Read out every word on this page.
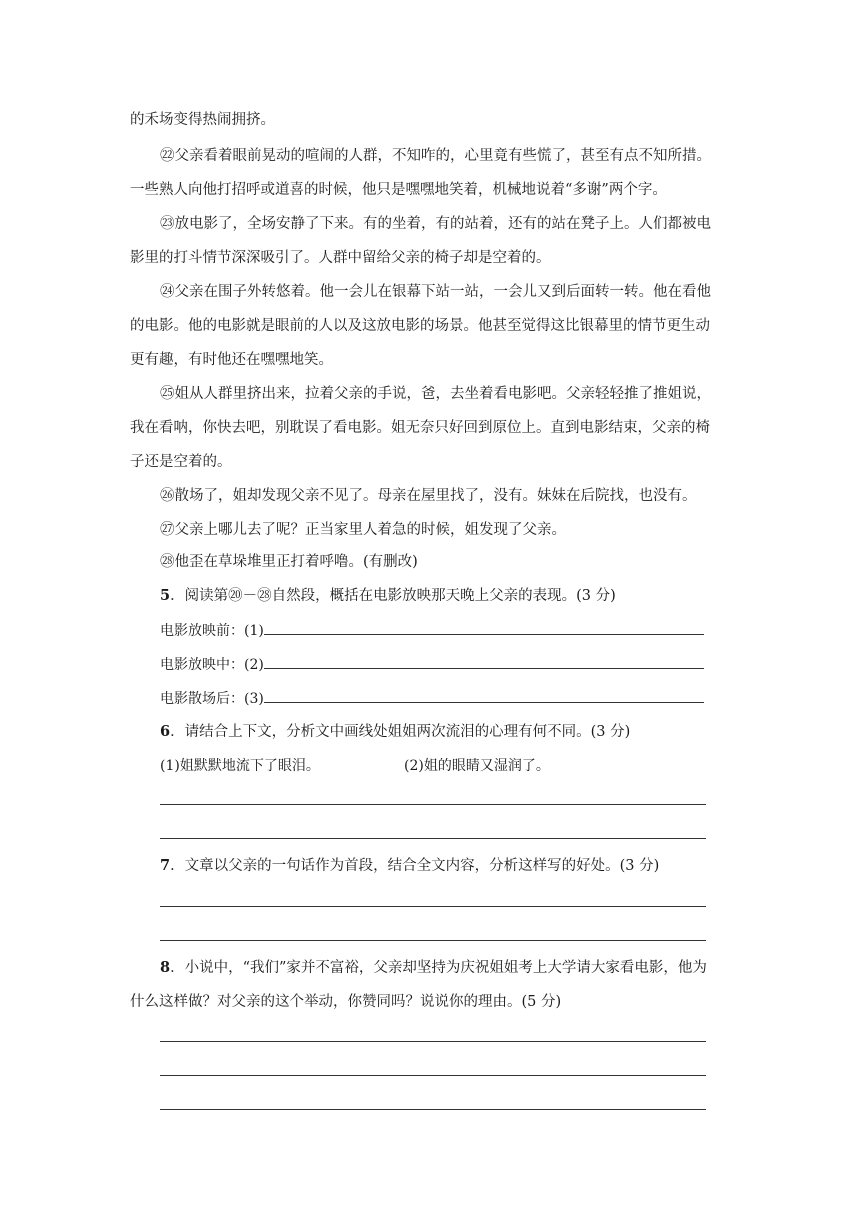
的禾场变得热闹拥挤。
㉒父亲看着眼前晃动的喧闹的人群，不知咋的，心里竟有些慌了，甚至有点不知所措。
一些熟人向他打招呼或道喜的时候，他只是嘿嘿地笑着，机械地说着“多谢”两个字。
㉓放电影了，全场安静了下来。有的坐着，有的站着，还有的站在凳子上。人们都被电
影里的打斗情节深深吸引了。人群中留给父亲的椅子却是空着的。
㉔父亲在围子外转悠着。他一会儿在银幕下站一站，一会儿又到后面转一转。他在看他
的电影。他的电影就是眼前的人以及这放电影的场景。他甚至觉得这比银幕里的情节更生动
更有趣，有时他还在嘿嘿地笑。
㉕姐从人群里挤出来，拉着父亲的手说，爸，去坐着看电影吧。父亲轻轻推了推姐说，
我在看呐，你快去吧，别耽误了看电影。姐无奈只好回到原位上。直到电影结束，父亲的椅
子还是空着的。
㉖散场了，姐却发现父亲不见了。母亲在屋里找了，没有。妹妹在后院找，也没有。
㉗父亲上哪儿去了呢？正当家里人着急的时候，姐发现了父亲。
㉘他歪在草垛堆里正打着呼噜。(有删改)
5．阅读第⑳－㉘自然段，概括在电影放映那天晚上父亲的表现。(3 分)
电影放映前：(1)
电影放映中：(2)
电影散场后：(3)
6．请结合上下文，分析文中画线处姐姐两次流泪的心理有何不同。(3 分)
(1)姐默默地流下了眼泪。	(2)姐的眼睛又湿润了。
7．文章以父亲的一句话作为首段，结合全文内容，分析这样写的好处。(3 分)
8．小说中，“我们”家并不富裕，父亲却坚持为庆祝姐姐考上大学请大家看电影，他为
什么这样做？对父亲的这个举动，你赞同吗？说说你的理由。(5 分)
